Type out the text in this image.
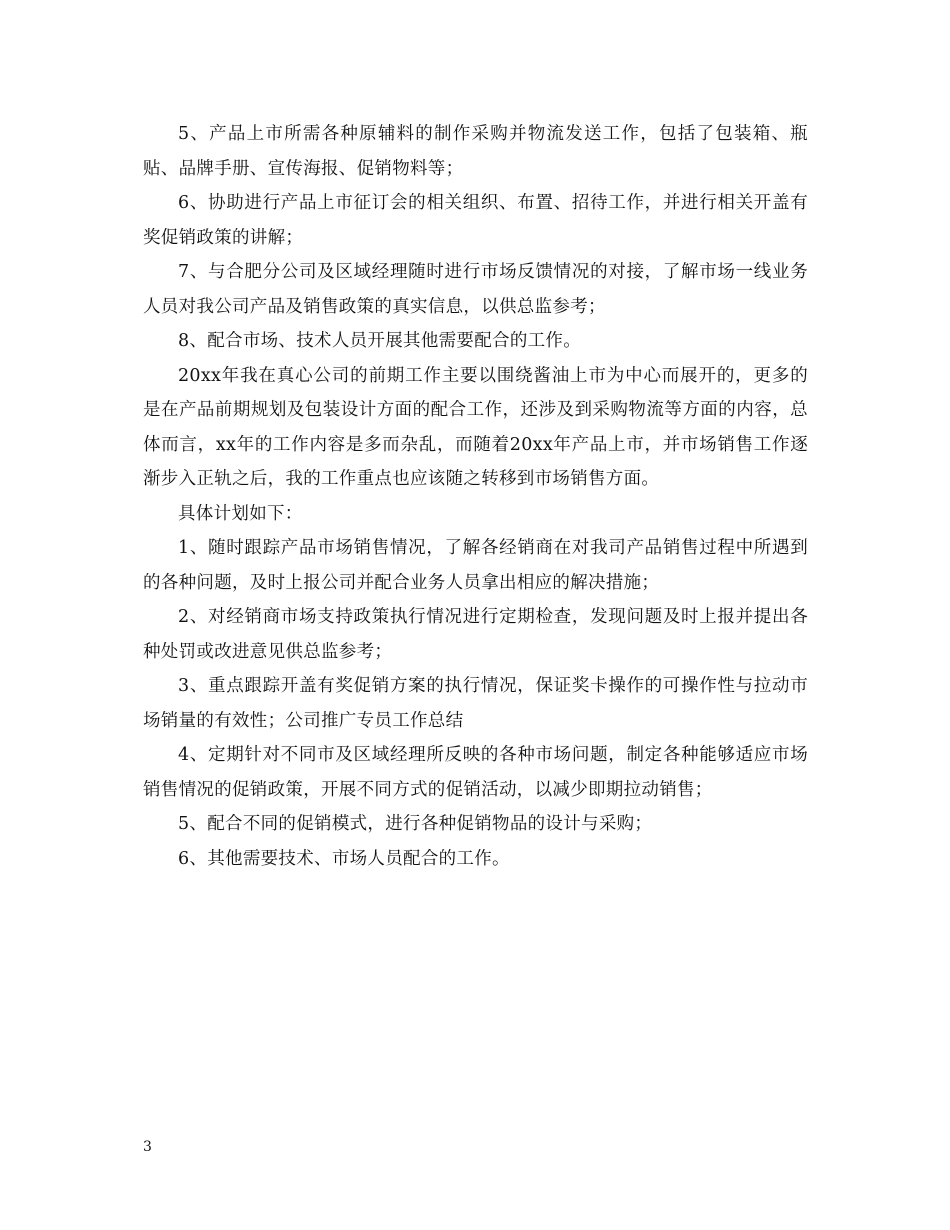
5、产品上市所需各种原辅料的制作采购并物流发送工作，包括了包装箱、瓶贴、品牌手册、宣传海报、促销物料等；

6、协助进行产品上市征订会的相关组织、布置、招待工作，并进行相关开盖有奖促销政策的讲解；

7、与合肥分公司及区域经理随时进行市场反馈情况的对接，了解市场一线业务人员对我公司产品及销售政策的真实信息，以供总监参考；

8、配合市场、技术人员开展其他需要配合的工作。

20xx年我在真心公司的前期工作主要以围绕酱油上市为中心而展开的，更多的是在产品前期规划及包装设计方面的配合工作，还涉及到采购物流等方面的内容，总体而言，xx年的工作内容是多而杂乱，而随着20xx年产品上市，并市场销售工作逐渐步入正轨之后，我的工作重点也应该随之转移到市场销售方面。

具体计划如下：

1、随时跟踪产品市场销售情况，了解各经销商在对我司产品销售过程中所遇到的各种问题，及时上报公司并配合业务人员拿出相应的解决措施；

2、对经销商市场支持政策执行情况进行定期检查，发现问题及时上报并提出各种处罚或改进意见供总监参考；

3、重点跟踪开盖有奖促销方案的执行情况，保证奖卡操作的可操作性与拉动市场销量的有效性；公司推广专员工作总结

4、定期针对不同市及区域经理所反映的各种市场问题，制定各种能够适应市场销售情况的促销政策，开展不同方式的促销活动，以减少即期拉动销售；

5、配合不同的促销模式，进行各种促销物品的设计与采购；

6、其他需要技术、市场人员配合的工作。

3
